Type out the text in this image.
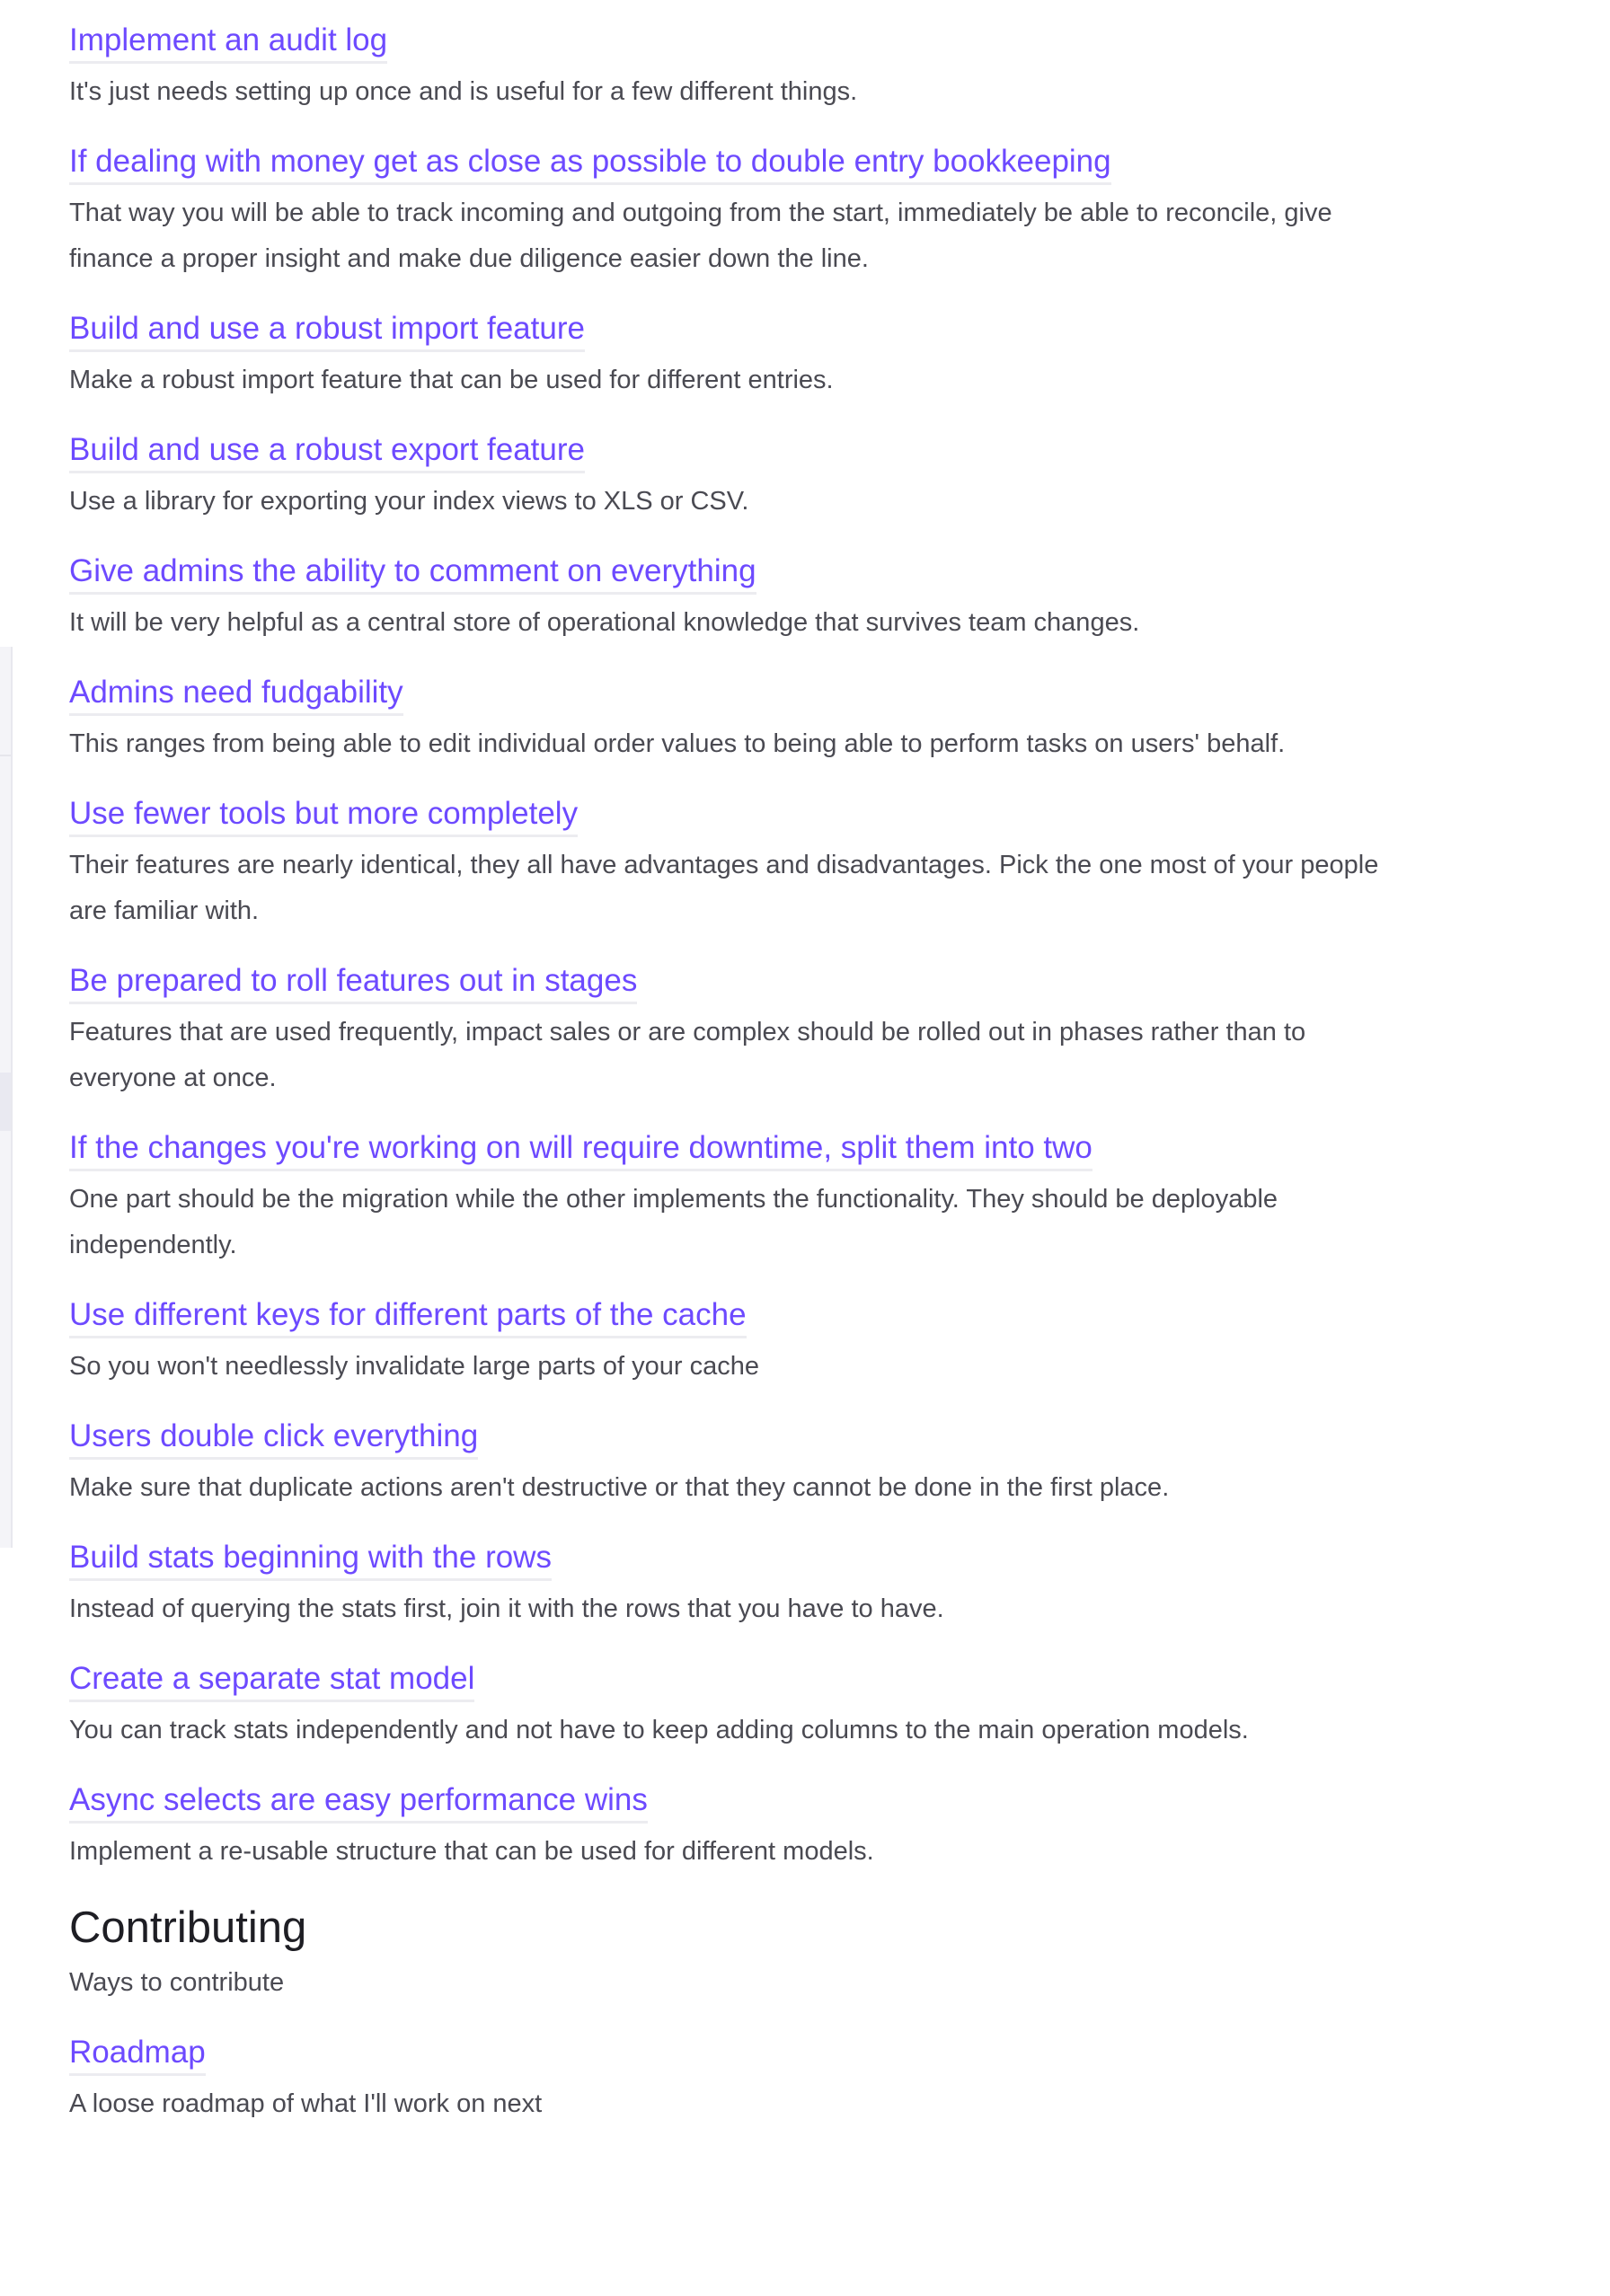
Implement an audit log

It's just needs setting up once and is useful for a few different things.

If dealing with money get as close as possible to double entry bookkeeping

That way you will be able to track incoming and outgoing from the start, immediately be able to reconcile, give finance a proper insight and make due diligence easier down the line.

Build and use a robust import feature

Make a robust import feature that can be used for different entries.

Build and use a robust export feature

Use a library for exporting your index views to XLS or CSV.

Give admins the ability to comment on everything

It will be very helpful as a central store of operational knowledge that survives team changes.

Admins need fudgability

This ranges from being able to edit individual order values to being able to perform tasks on users' behalf.

Use fewer tools but more completely

Their features are nearly identical, they all have advantages and disadvantages. Pick the one most of your people are familiar with.

Be prepared to roll features out in stages

Features that are used frequently, impact sales or are complex should be rolled out in phases rather than to everyone at once.

If the changes you're working on will require downtime, split them into two

One part should be the migration while the other implements the functionality. They should be deployable independently.

Use different keys for different parts of the cache

So you won't needlessly invalidate large parts of your cache

Users double click everything

Make sure that duplicate actions aren't destructive or that they cannot be done in the first place.

Build stats beginning with the rows

Instead of querying the stats first, join it with the rows that you have to have.

Create a separate stat model

You can track stats independently and not have to keep adding columns to the main operation models.

Async selects are easy performance wins

Implement a re-usable structure that can be used for different models.

Contributing

Ways to contribute

Roadmap

A loose roadmap of what I'll work on next
